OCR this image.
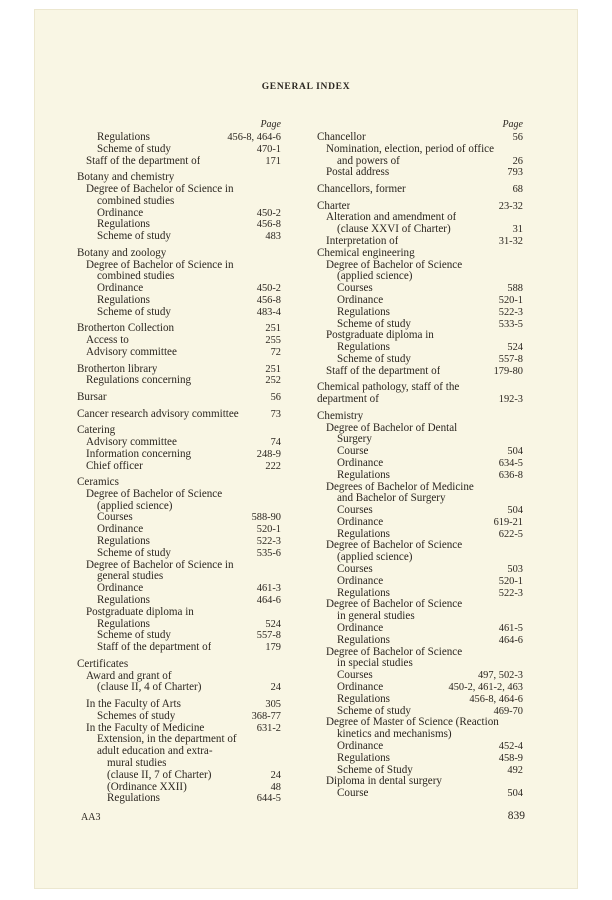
GENERAL INDEX
Page
Regulations	456-8, 464-6
Scheme of study	470-1
Staff of the department of	171
Botany and chemistry
Degree of Bachelor of Science in
combined studies
Ordinance	450-2
Regulations	456-8
Scheme of study	483
Botany and zoology
Degree of Bachelor of Science in
combined studies
Ordinance	450-2
Regulations	456-8
Scheme of study	483-4
Brotherton Collection	251
Access to	255
Advisory committee	72
Brotherton library	251
Regulations concerning	252
Bursar	56
Cancer research advisory committee	73
Catering
Advisory committee	74
Information concerning	248-9
Chief officer	222
Ceramics
Degree of Bachelor of Science
(applied science)
Courses	588-90
Ordinance	520-1
Regulations	522-3
Scheme of study	535-6
Degree of Bachelor of Science in
general studies
Ordinance	461-3
Regulations	464-6
Postgraduate diploma in
Regulations	524
Scheme of study	557-8
Staff of the department of	179
Certificates
Award and grant of
(clause II, 4 of Charter)	24
In the Faculty of Arts	305
Schemes of study	368-77
In the Faculty of Medicine	631-2
Extension, in the department of
adult education and extra-
mural studies
(clause II, 7 of Charter)	24
(Ordinance XXII)	48
Regulations	644-5
Page
Chancellor	56
Nomination, election, period of office
and powers of	26
Postal address	793
Chancellors, former	68
Charter	23-32
Alteration and amendment of
(clause XXVI of Charter)	31
Interpretation of	31-32
Chemical engineering
Degree of Bachelor of Science
(applied science)
Courses	588
Ordinance	520-1
Regulations	522-3
Scheme of study	533-5
Postgraduate diploma in
Regulations	524
Scheme of study	557-8
Staff of the department of	179-80
Chemical pathology, staff of the
department of	192-3
Chemistry
Degree of Bachelor of Dental
Surgery
Course	504
Ordinance	634-5
Regulations	636-8
Degrees of Bachelor of Medicine
and Bachelor of Surgery
Courses	504
Ordinance	619-21
Regulations	622-5
Degree of Bachelor of Science
(applied science)
Courses	503
Ordinance	520-1
Regulations	522-3
Degree of Bachelor of Science
in general studies
Ordinance	461-5
Regulations	464-6
Degree of Bachelor of Science
in special studies
Courses	497, 502-3
Ordinance	450-2, 461-2, 463
Regulations	456-8, 464-6
Scheme of study	469-70
Degree of Master of Science (Reaction
kinetics and mechanisms)
Ordinance	452-4
Regulations	458-9
Scheme of Study	492
Diploma in dental surgery
Course	504
AA3	839
